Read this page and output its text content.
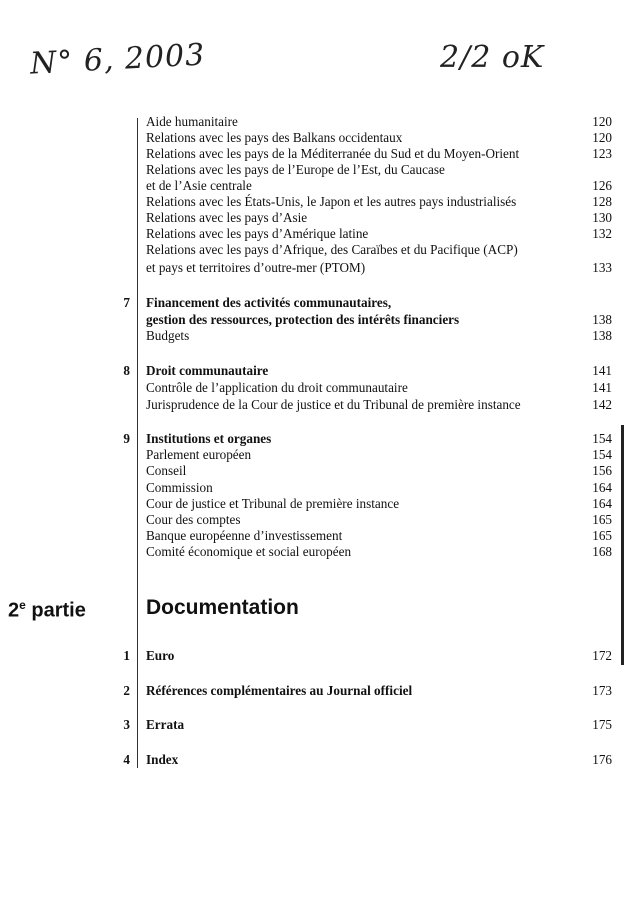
N° 6, 2003	2/2 oK
Aide humanitaire	120
Relations avec les pays des Balkans occidentaux	120
Relations avec les pays de la Méditerranée du Sud et du Moyen-Orient	123
Relations avec les pays de l’Europe de l’Est, du Caucase
et de l’Asie centrale	126
Relations avec les États-Unis, le Japon et les autres pays industrialisés	128
Relations avec les pays d’Asie	130
Relations avec les pays d’Amérique latine	132
Relations avec les pays d’Afrique, des Caraïbes et du Pacifique (ACP)
et pays et territoires d’outre-mer (PTOM)	133
7 Financement des activités communautaires,
gestion des ressources, protection des intérêts financiers	138
Budgets	138
8 Droit communautaire	141
Contrôle de l’application du droit communautaire	141
Jurisprudence de la Cour de justice et du Tribunal de première instance	142
9 Institutions et organes	154
Parlement européen	154
Conseil	156
Commission	164
Cour de justice et Tribunal de première instance	164
Cour des comptes	165
Banque européenne d’investissement	165
Comité économique et social européen	168
2e partie	Documentation
1 Euro	172
2 Références complémentaires au Journal officiel	173
3 Errata	175
4 Index	176
